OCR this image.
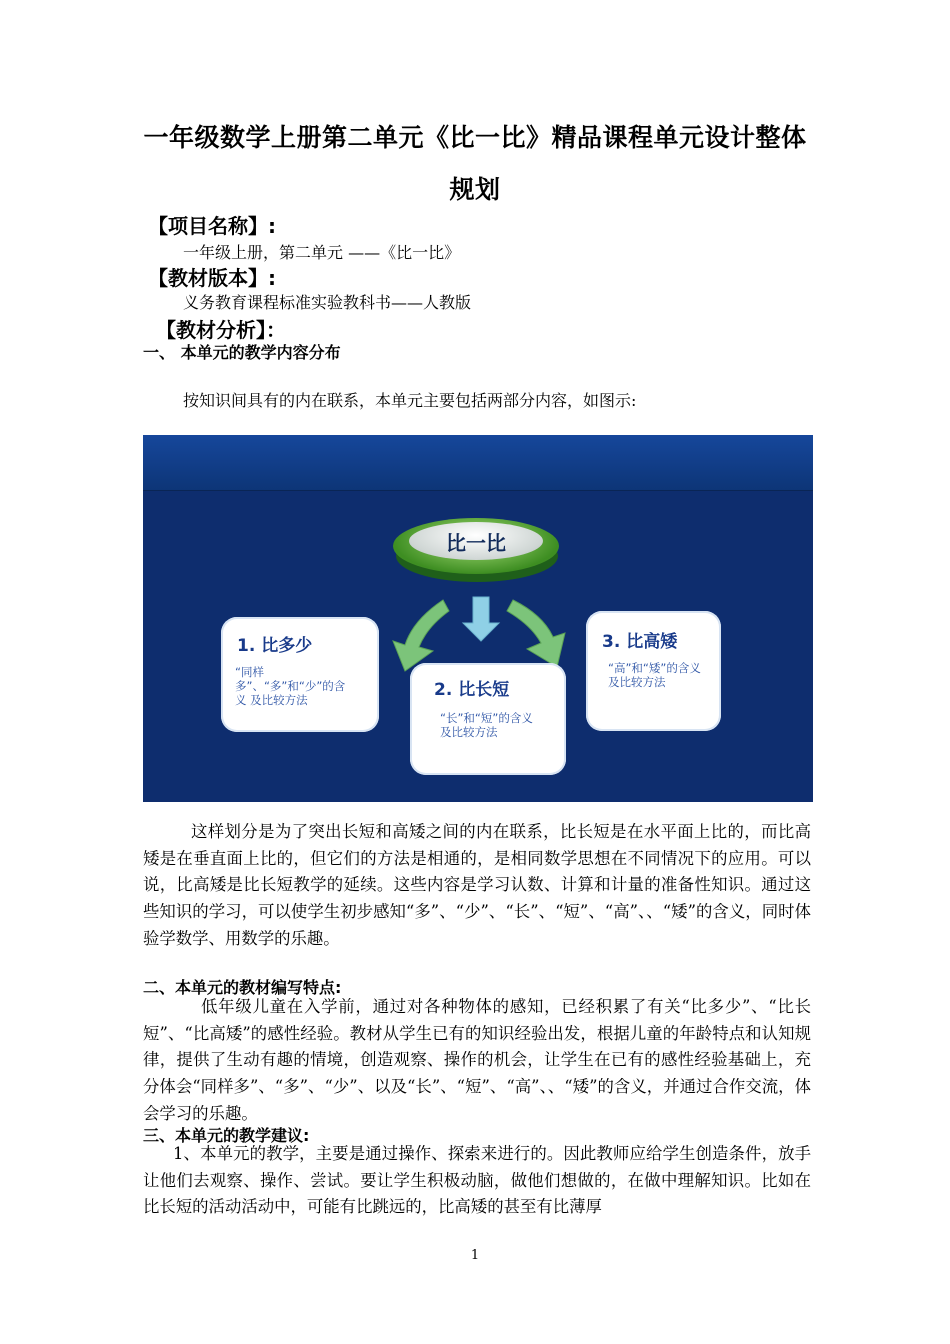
一年级数学上册第二单元《比一比》精品课程单元设计整体
规划
【项目名称】:
一年级上册，第二单元 ——《比一比》
【教材版本】:
义务教育课程标准实验教科书——人教版
【教材分析】：
一、 本单元的教学内容分布
按知识间具有的内在联系，本单元主要包括两部分内容，如图示:
比一比
1. 比多少
“同样多”、“多”和“少”的含义 及比较方法	2. 比长短
“长”和“短”的含义及比较方法
3. 比高矮
“高”和“矮”的含义及比较方法
这样划分是为了突出长短和高矮之间的内在联系，比长短是在水平面上比的，而比高矮是在垂直面上比的，但它们的方法是相通的，是相同数学思想在不同情况下的应用。可以说，比高矮是比长短教学的延续。这些内容是学习认数、计算和计量的准备性知识。通过这些知识的学习，可以使学生初步感知“多”、“少”、“长”、“短”、“高”、、“矮”的含义，同时体验学数学、用数学的乐趣。
二、本单元的教材编写特点:
低年级儿童在入学前，通过对各种物体的感知，已经积累了有关“比多少”、“比长短”、“比高矮”的感性经验。教材从学生已有的知识经验出发，根据儿童的年龄特点和认知规律，提供了生动有趣的情境，创造观察、操作的机会，让学生在已有的感性经验基础上，充分体会“同样多”、“多”、“少”、以及“长”、“短”、“高”、、“矮”的含义，并通过合作交流，体会学习的乐趣。
三、本单元的教学建议:
1、本单元的教学，主要是通过操作、探索来进行的。因此教师应给学生创造条件，放手让他们去观察、操作、尝试。要让学生积极动脑，做他们想做的，在做中理解知识。比如在比长短的活动活动中，可能有比跳远的，比高矮的甚至有比薄厚
1
